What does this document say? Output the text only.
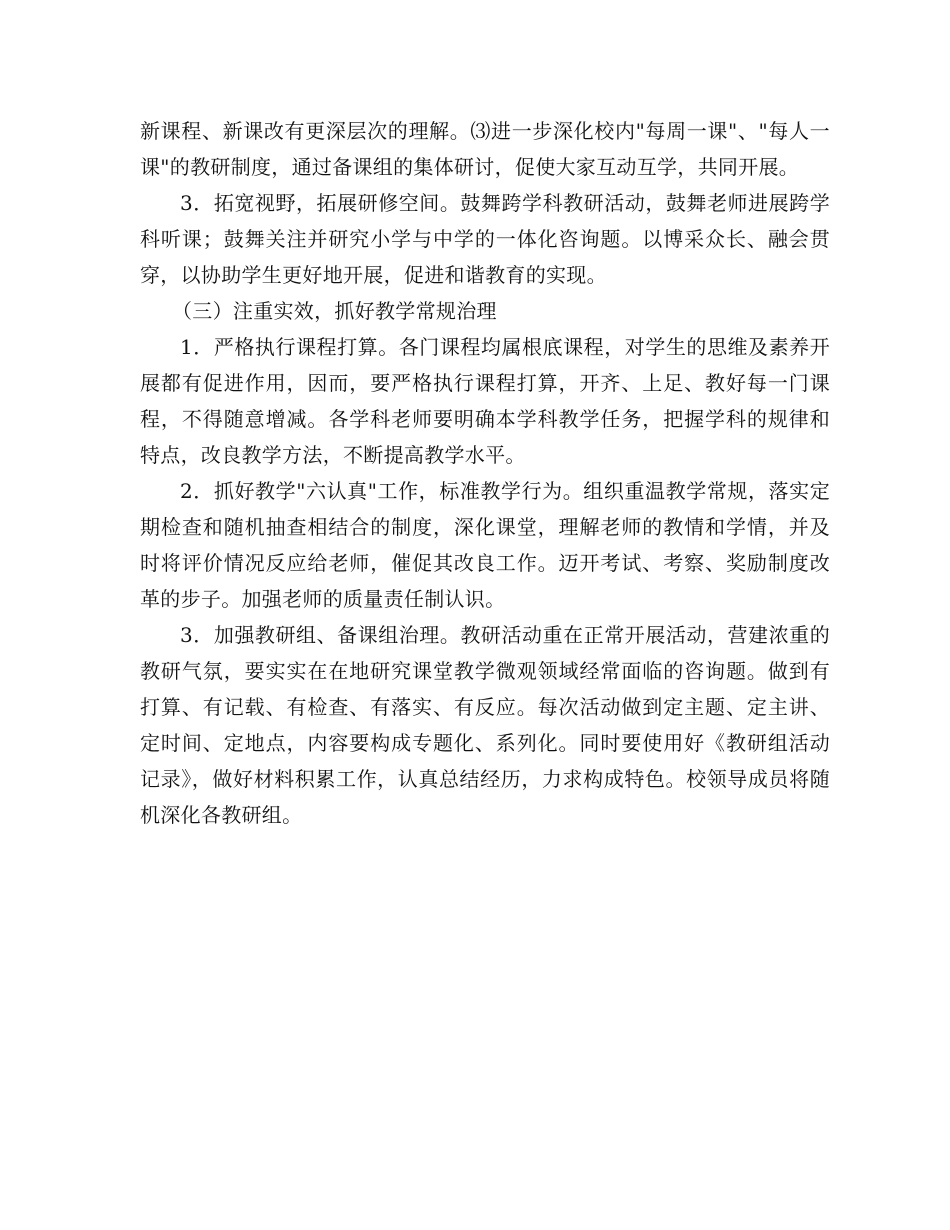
新课程、新课改有更深层次的理解。⑶进一步深化校内"每周一课"、"每人一课"的教研制度，通过备课组的集体研讨，促使大家互动互学，共同开展。

3．拓宽视野，拓展研修空间。鼓舞跨学科教研活动，鼓舞老师进展跨学科听课；鼓舞关注并研究小学与中学的一体化咨询题。以博采众长、融会贯穿，以协助学生更好地开展，促进和谐教育的实现。

（三）注重实效，抓好教学常规治理

1．严格执行课程打算。各门课程均属根底课程，对学生的思维及素养开展都有促进作用，因而，要严格执行课程打算，开齐、上足、教好每一门课程，不得随意增减。各学科老师要明确本学科教学任务，把握学科的规律和特点，改良教学方法，不断提高教学水平。

2．抓好教学"六认真"工作，标准教学行为。组织重温教学常规，落实定期检查和随机抽查相结合的制度，深化课堂，理解老师的教情和学情，并及时将评价情况反应给老师，催促其改良工作。迈开考试、考察、奖励制度改革的步子。加强老师的质量责任制认识。

3．加强教研组、备课组治理。教研活动重在正常开展活动，营建浓重的教研气氛，要实实在在地研究课堂教学微观领域经常面临的咨询题。做到有打算、有记载、有检查、有落实、有反应。每次活动做到定主题、定主讲、定时间、定地点，内容要构成专题化、系列化。同时要使用好《教研组活动记录》，做好材料积累工作，认真总结经历，力求构成特色。校领导成员将随机深化各教研组。
